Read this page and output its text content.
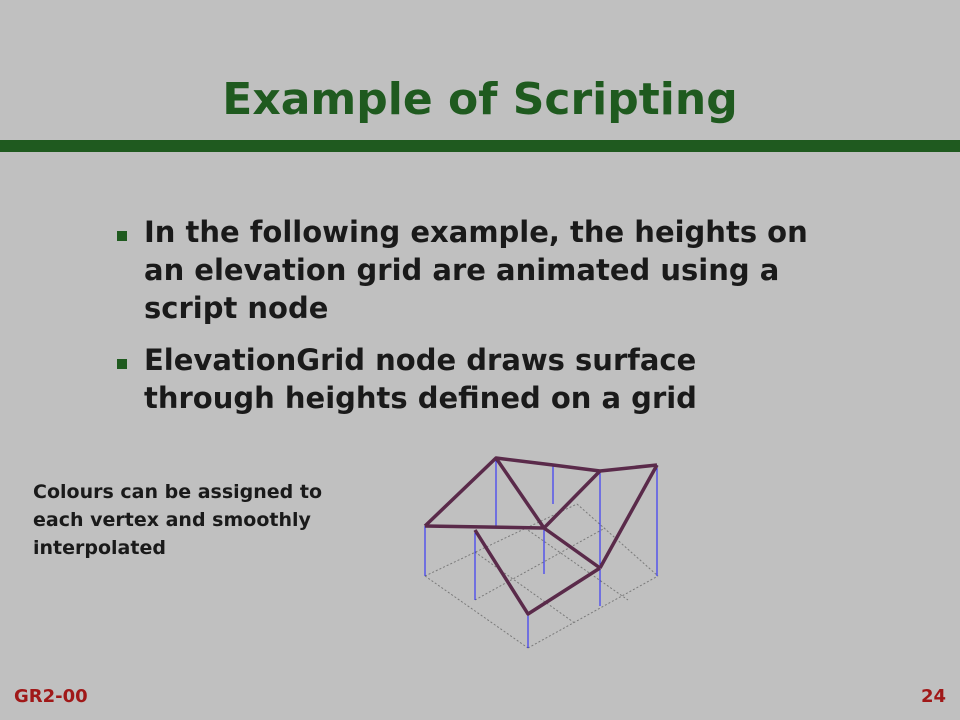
Example of Scripting
In the following example, the heights on an elevation grid are animated using a script node
ElevationGrid node draws surface through heights defined on a grid
Colours can be assigned to each vertex and smoothly interpolated
GR2-00	24
